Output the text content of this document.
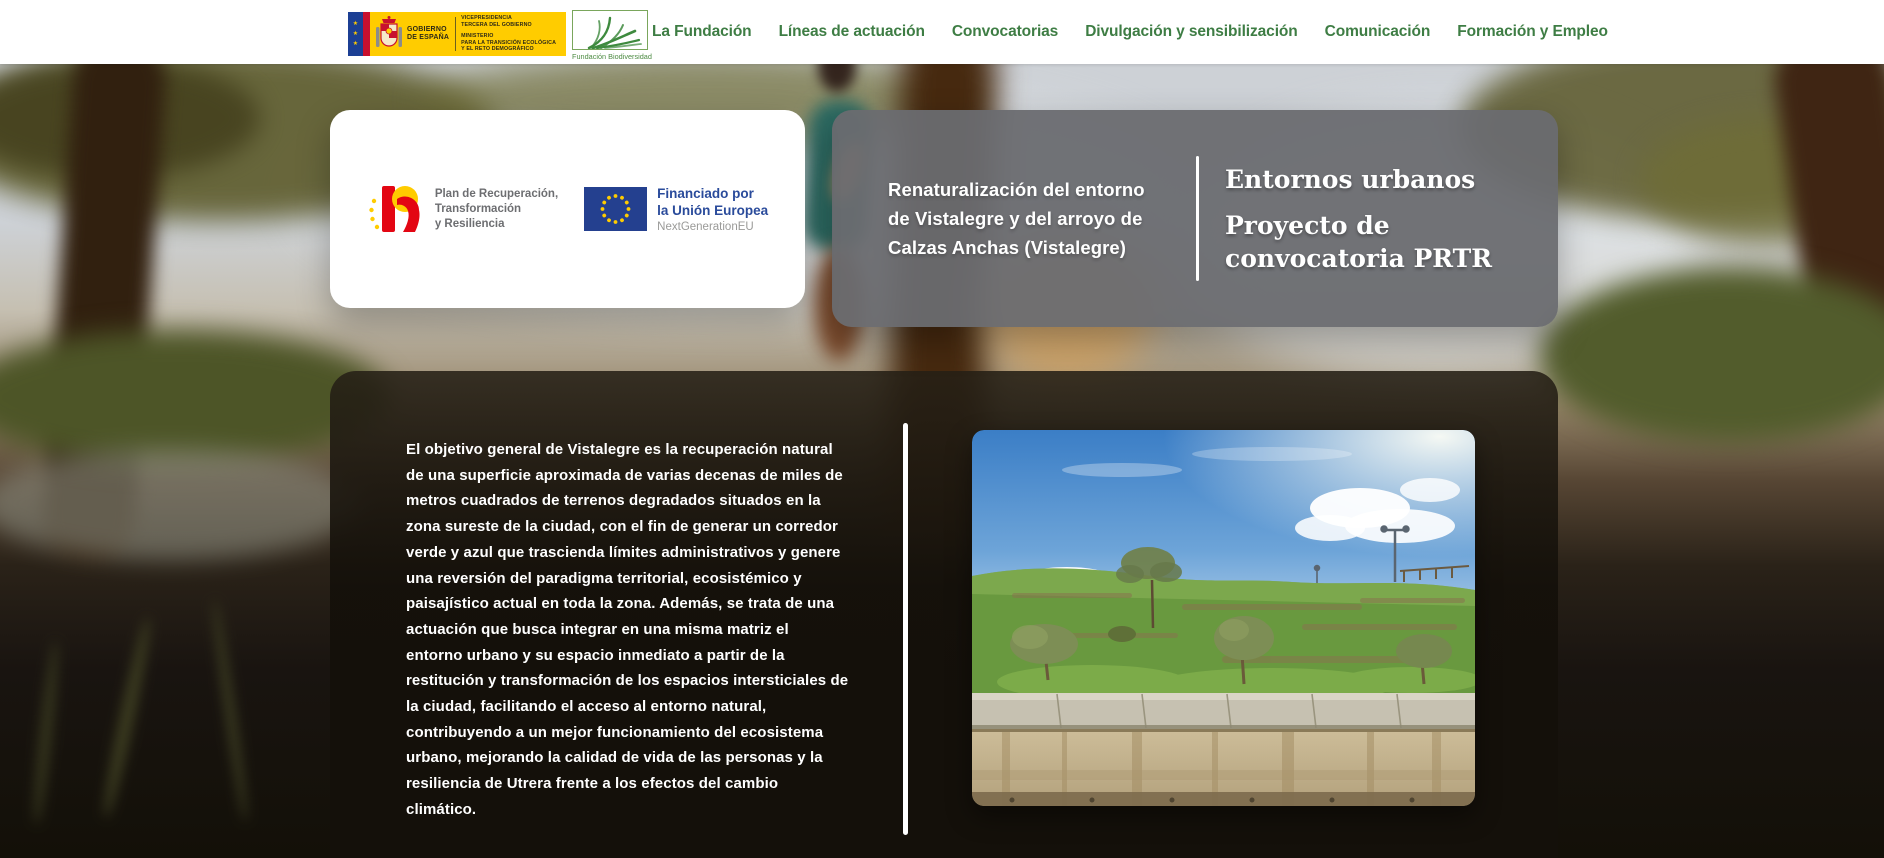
El objetivo general de Vistalegre es la recuperación natural de una superficie aproximada de varias decenas de miles de metros cuadrados de terrenos degradados situados en la zona sureste de la ciudad, con el fin de generar un corredor verde y azul que trascienda límites administrativos y genere una reversión del paradigma territorial, ecosistémico y paisajístico actual en toda la zona. Además, se trata de una actuación que busca integrar en una misma matriz el entorno urbano y su espacio inmediato a partir de la restitución y transformación de los espacios intersticiales de la ciudad, facilitando el acceso al entorno natural, contribuyendo a un mejor funcionamiento del ecosistema urbano, mejorando la calidad de vida de las personas y la resiliencia de Utrera frente a los efectos del cambio climático.

Plan de Recuperación,
Transformación
y Resiliencia
Financiado por
la Unión Europea
NextGenerationEU
Renaturalización del entorno
de Vistalegre y del arroyo de
Calzas Anchas (Vistalegre)
Entornos urbanos
Proyecto de convocatoria PRTR
★
★
★
GOBIERNO
DE ESPAÑA
VICEPRESIDENCIA
TERCERA DEL GOBIERNO
MINISTERIO
PARA LA TRANSICIÓN ECOLÓGICA
Y EL RETO DEMOGRÁFICO
Fundación Biodiversidad
La Fundación Líneas de actuación Convocatorias Divulgación y sensibilización Comunicación Formación y Empleo
